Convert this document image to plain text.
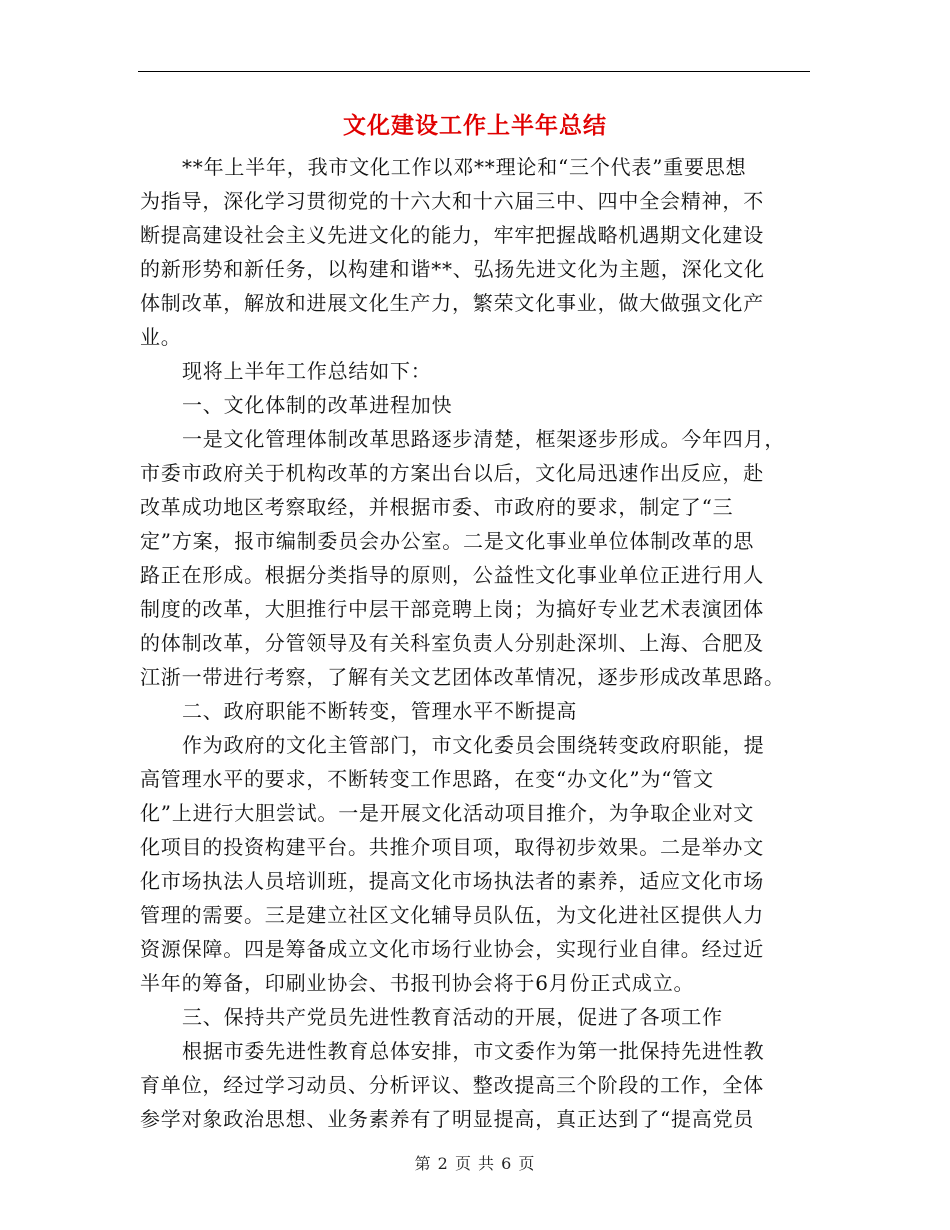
文化建设工作上半年总结
**年上半年，我市文化工作以邓**理论和“三个代表”重要思想
为指导，深化学习贯彻党的十六大和十六届三中、四中全会精神，不
断提高建设社会主义先进文化的能力，牢牢把握战略机遇期文化建设
的新形势和新任务，以构建和谐**、弘扬先进文化为主题，深化文化
体制改革，解放和进展文化生产力，繁荣文化事业，做大做强文化产
业。
现将上半年工作总结如下：
一、文化体制的改革进程加快
一是文化管理体制改革思路逐步清楚，框架逐步形成。今年四月，
市委市政府关于机构改革的方案出台以后，文化局迅速作出反应，赴
改革成功地区考察取经，并根据市委、市政府的要求，制定了“三
定”方案，报市编制委员会办公室。二是文化事业单位体制改革的思
路正在形成。根据分类指导的原则，公益性文化事业单位正进行用人
制度的改革，大胆推行中层干部竞聘上岗；为搞好专业艺术表演团体
的体制改革，分管领导及有关科室负责人分别赴深圳、上海、合肥及
江浙一带进行考察，了解有关文艺团体改革情况，逐步形成改革思路。
二、政府职能不断转变，管理水平不断提高
作为政府的文化主管部门，市文化委员会围绕转变政府职能，提
高管理水平的要求，不断转变工作思路，在变“办文化”为“管文
化”上进行大胆尝试。一是开展文化活动项目推介，为争取企业对文
化项目的投资构建平台。共推介项目项，取得初步效果。二是举办文
化市场执法人员培训班，提高文化市场执法者的素养，适应文化市场
管理的需要。三是建立社区文化辅导员队伍，为文化进社区提供人力
资源保障。四是筹备成立文化市场行业协会，实现行业自律。经过近
半年的筹备，印刷业协会、书报刊协会将于6月份正式成立。
三、保持共产党员先进性教育活动的开展，促进了各项工作
根据市委先进性教育总体安排，市文委作为第一批保持先进性教
育单位，经过学习动员、分析评议、整改提高三个阶段的工作，全体
参学对象政治思想、业务素养有了明显提高，真正达到了“提高党员
第 2 页 共 6 页
